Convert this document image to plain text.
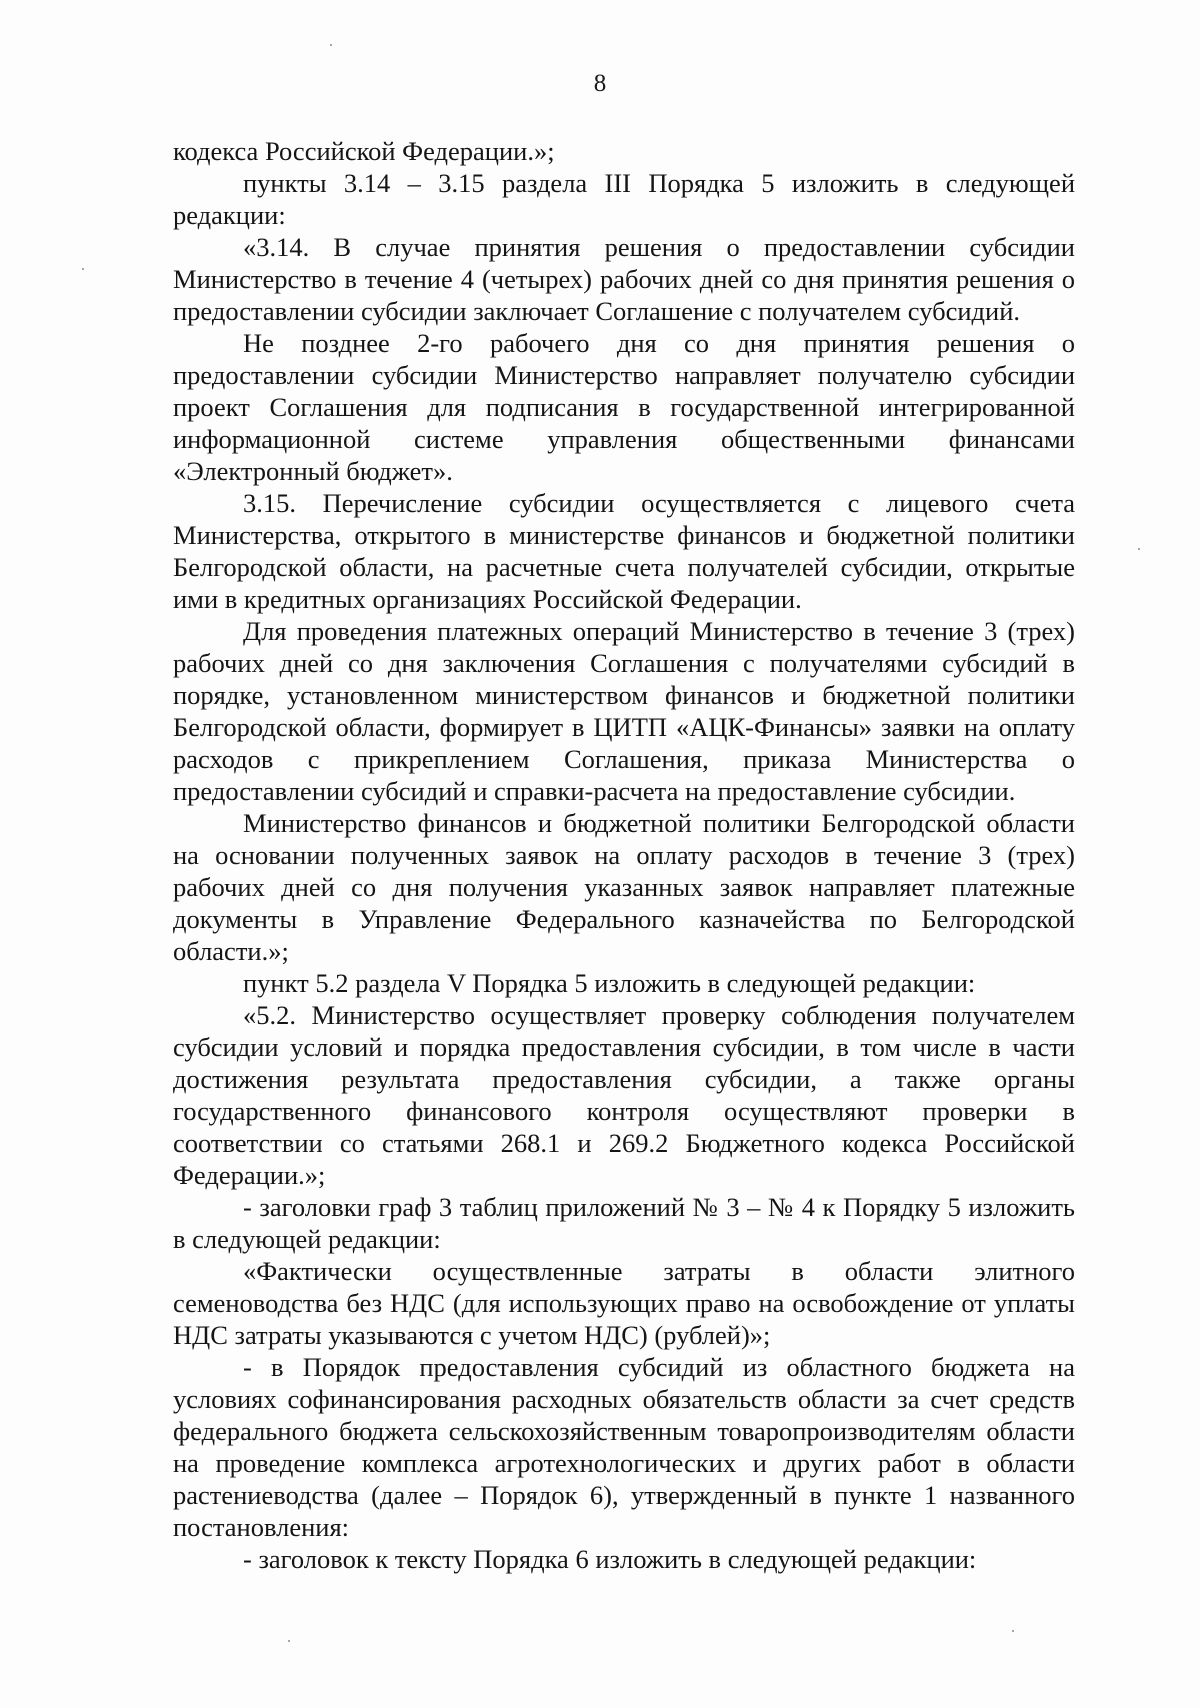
8

кодекса Российской Федерации.»;

пункты 3.14 – 3.15 раздела III Порядка 5 изложить в следующей редакции:

«3.14. В случае принятия решения о предоставлении субсидии Министерство в течение 4 (четырех) рабочих дней со дня принятия решения о предоставлении субсидии заключает Соглашение с получателем субсидий.

Не позднее 2-го рабочего дня со дня принятия решения о предоставлении субсидии Министерство направляет получателю субсидии проект Соглашения для подписания в государственной интегрированной информационной системе управления общественными финансами «Электронный бюджет».

3.15. Перечисление субсидии осуществляется с лицевого счета Министерства, открытого в министерстве финансов и бюджетной политики Белгородской области, на расчетные счета получателей субсидии, открытые ими в кредитных организациях Российской Федерации.

Для проведения платежных операций Министерство в течение 3 (трех) рабочих дней со дня заключения Соглашения с получателями субсидий в порядке, установленном министерством финансов и бюджетной политики Белгородской области, формирует в ЦИТП «АЦК-Финансы» заявки на оплату расходов с прикреплением Соглашения, приказа Министерства о предоставлении субсидий и справки-расчета на предоставление субсидии.

Министерство финансов и бюджетной политики Белгородской области на основании полученных заявок на оплату расходов в течение 3 (трех) рабочих дней со дня получения указанных заявок направляет платежные документы в Управление Федерального казначейства по Белгородской области.»;

пункт 5.2 раздела V Порядка 5 изложить в следующей редакции:

«5.2. Министерство осуществляет проверку соблюдения получателем субсидии условий и порядка предоставления субсидии, в том числе в части достижения результата предоставления субсидии, а также органы государственного финансового контроля осуществляют проверки в соответствии со статьями 268.1 и 269.2 Бюджетного кодекса Российской Федерации.»;

- заголовки граф 3 таблиц приложений № 3 – № 4 к Порядку 5 изложить в следующей редакции:

«Фактически осуществленные затраты в области элитного семеноводства без НДС (для использующих право на освобождение от уплаты НДС затраты указываются с учетом НДС) (рублей)»;

- в Порядок предоставления субсидий из областного бюджета на условиях софинансирования расходных обязательств области за счет средств федерального бюджета сельскохозяйственным товаропроизводителям области на проведение комплекса агротехнологических и других работ в области растениеводства (далее – Порядок 6), утвержденный в пункте 1 названного постановления:

- заголовок к тексту Порядка 6 изложить в следующей редакции:
